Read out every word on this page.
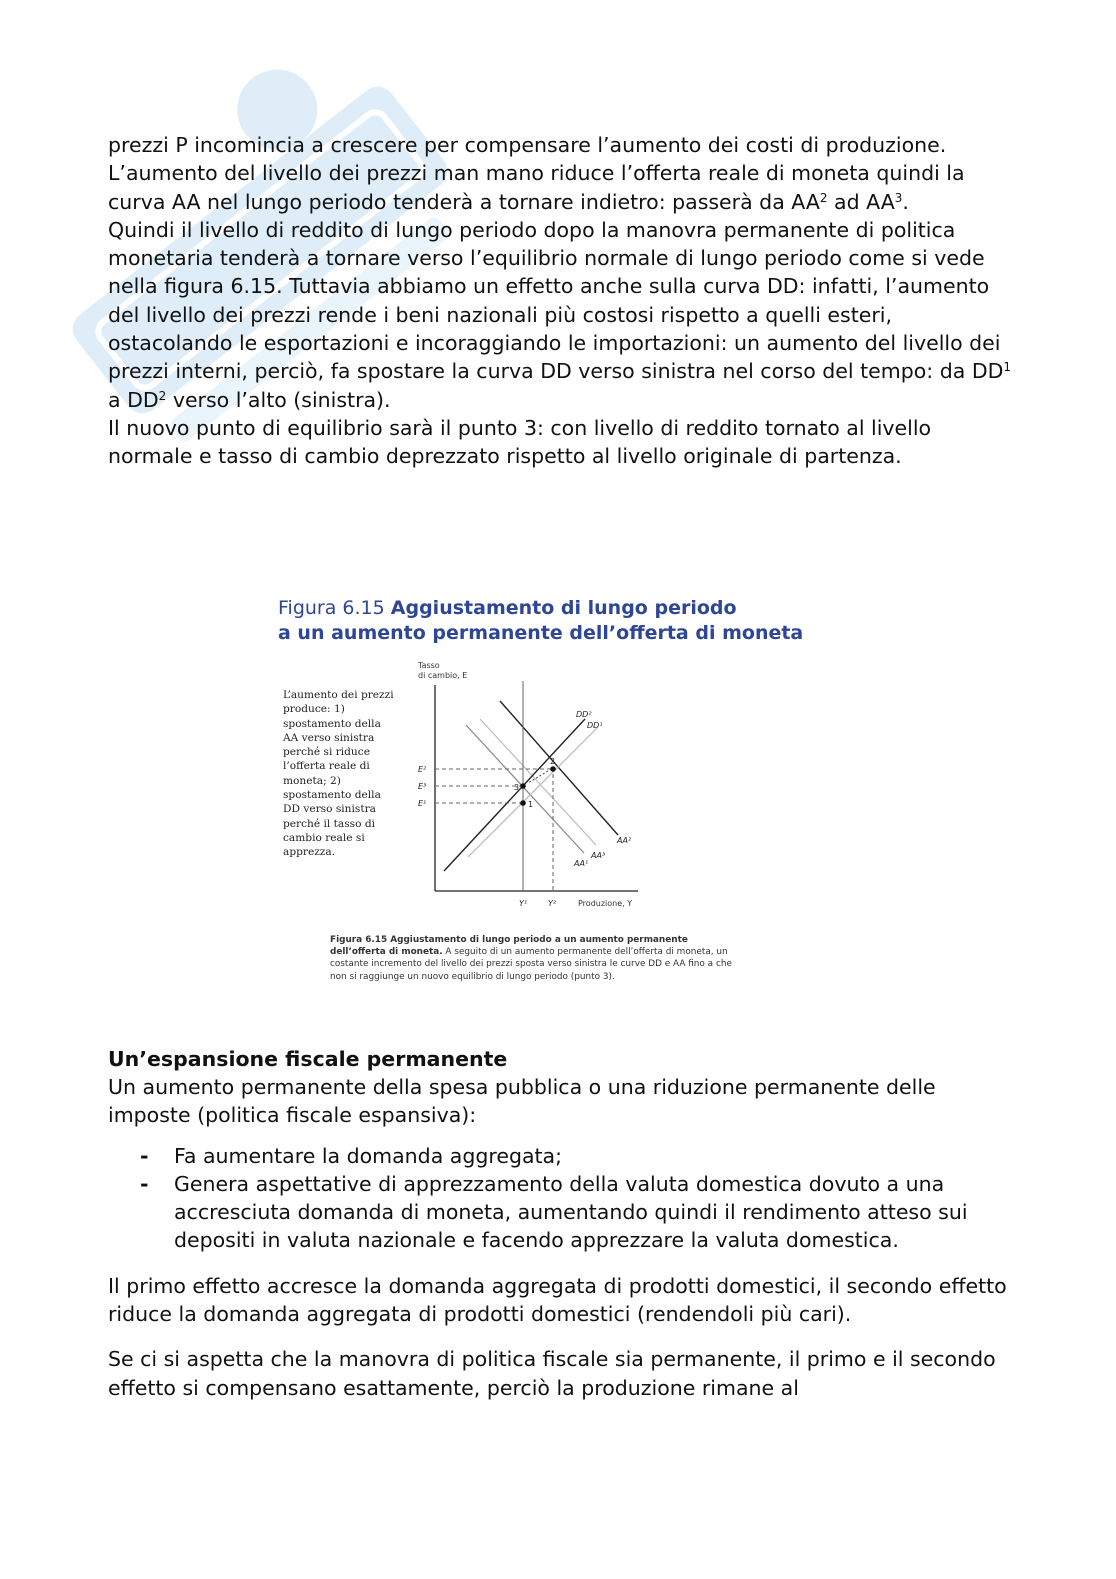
prezzi P incomincia a crescere per compensare l’aumento dei costi di produzione.

L’aumento del livello dei prezzi man mano riduce l’offerta reale di moneta quindi la curva AA nel lungo periodo tenderà a tornare indietro: passerà da $AA^2$ ad $AA^3$.

Quindi il livello di reddito di lungo periodo dopo la manovra permanente di politica monetaria tenderà a tornare verso l’equilibrio normale di lungo periodo come si vede nella figura 6.15. Tuttavia abbiamo un effetto anche sulla curva DD: infatti, l’aumento del livello dei prezzi rende i beni nazionali più costosi rispetto a quelli esteri, ostacolando le esportazioni e incoraggiando le importazioni: un aumento del livello dei prezzi interni, perciò, fa spostare la curva DD verso sinistra nel corso del tempo: da $DD^1$ a $DD^2$ verso l’alto (sinistra).

Il nuovo punto di equilibrio sarà il punto 3: con livello di reddito tornato al livello normale e tasso di cambio deprezzato rispetto al livello originale di partenza.

Figura 6.15 Aggiustamento di lungo periodo
a un aumento permanente dell’offerta di moneta
L’aumento dei prezzi produce: 1) spostamento della AA verso sinistra perché si riduce l’offerta reale di moneta; 2) spostamento della DD verso sinistra perché il tasso di cambio reale si apprezza.
Tasso
di cambio, E
1
2
3
E²
E³
E¹
Y¹	Y²	Produzione, Y
DD²
DD¹
AA²
AA¹
AA³
Figura 6.15 Aggiustamento di lungo periodo a un aumento permanente dell’offerta di moneta. A seguito di un aumento permanente dell’offerta di moneta, un costante incremento del livello dei prezzi sposta verso sinistra le curve DD e AA fino a che non si raggiunge un nuovo equilibrio di lungo periodo (punto 3).
Un’espansione fiscale permanente

Un aumento permanente della spesa pubblica o una riduzione permanente delle imposte (politica fiscale espansiva):

- Fa aumentare la domanda aggregata;
- Genera aspettative di apprezzamento della valuta domestica dovuto a una accresciuta domanda di moneta, aumentando quindi il rendimento atteso sui depositi in valuta nazionale e facendo apprezzare la valuta domestica.

Il primo effetto accresce la domanda aggregata di prodotti domestici, il secondo effetto riduce la domanda aggregata di prodotti domestici (rendendoli più cari).

Se ci si aspetta che la manovra di politica fiscale sia permanente, il primo e il secondo effetto si compensano esattamente, perciò la produzione rimane al
